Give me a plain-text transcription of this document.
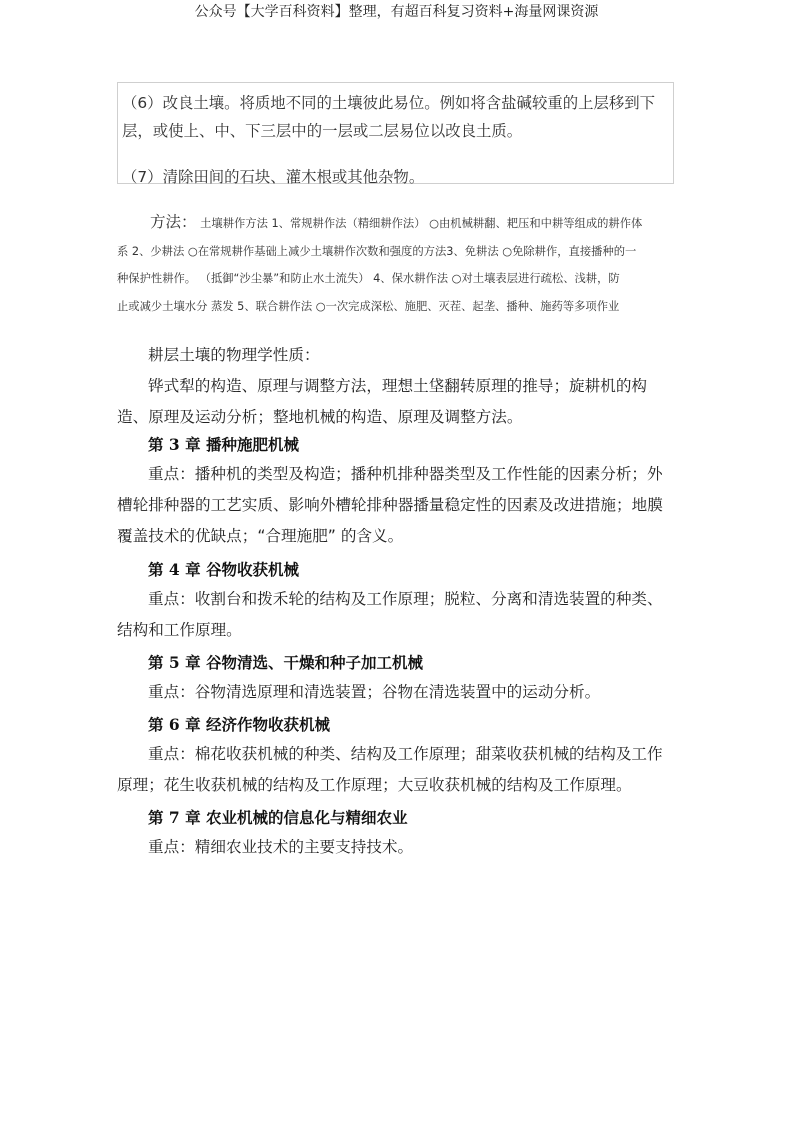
公众号【大学百科资料】整理，有超百科复习资料+海量网课资源

（6）改良土壤。将质地不同的土壤彼此易位。例如将含盐碱较重的上层移到下层，或使上、中、下三层中的一层或二层易位以改良土质。

（7）清除田间的石块、灌木根或其他杂物。

方法： 土壤耕作方法 1、常规耕作法（精细耕作法） ○由机械耕翻、耙压和中耕等组成的耕作体
系 2、少耕法 ○在常规耕作基础上减少土壤耕作次数和强度的方法3、免耕法 ○免除耕作，直接播种的一
种保护性耕作。 （抵御“沙尘暴”和防止水土流失） 4、保水耕作法 ○对土壤表层进行疏松、浅耕，防
止或减少土壤水分 蒸发 5、联合耕作法 ○一次完成深松、施肥、灭茬、起垄、播种、施药等多项作业

耕层土壤的物理学性质：

铧式犁的构造、原理与调整方法，理想土垡翻转原理的推导；旋耕机的构造、原理及运动分析；整地机械的构造、原理及调整方法。

第 3 章 播种施肥机械

重点：播种机的类型及构造；播种机排种器类型及工作性能的因素分析；外槽轮排种器的工艺实质、影响外槽轮排种器播量稳定性的因素及改进措施；地膜覆盖技术的优缺点；“合理施肥” 的含义。

第 4 章 谷物收获机械

重点：收割台和拨禾轮的结构及工作原理；脱粒、分离和清选装置的种类、结构和工作原理。

第 5 章 谷物清选、干燥和种子加工机械

重点：谷物清选原理和清选装置；谷物在清选装置中的运动分析。

第 6 章 经济作物收获机械

重点：棉花收获机械的种类、结构及工作原理；甜菜收获机械的结构及工作原理；花生收获机械的结构及工作原理；大豆收获机械的结构及工作原理。

第 7 章 农业机械的信息化与精细农业

重点：精细农业技术的主要支持技术。
